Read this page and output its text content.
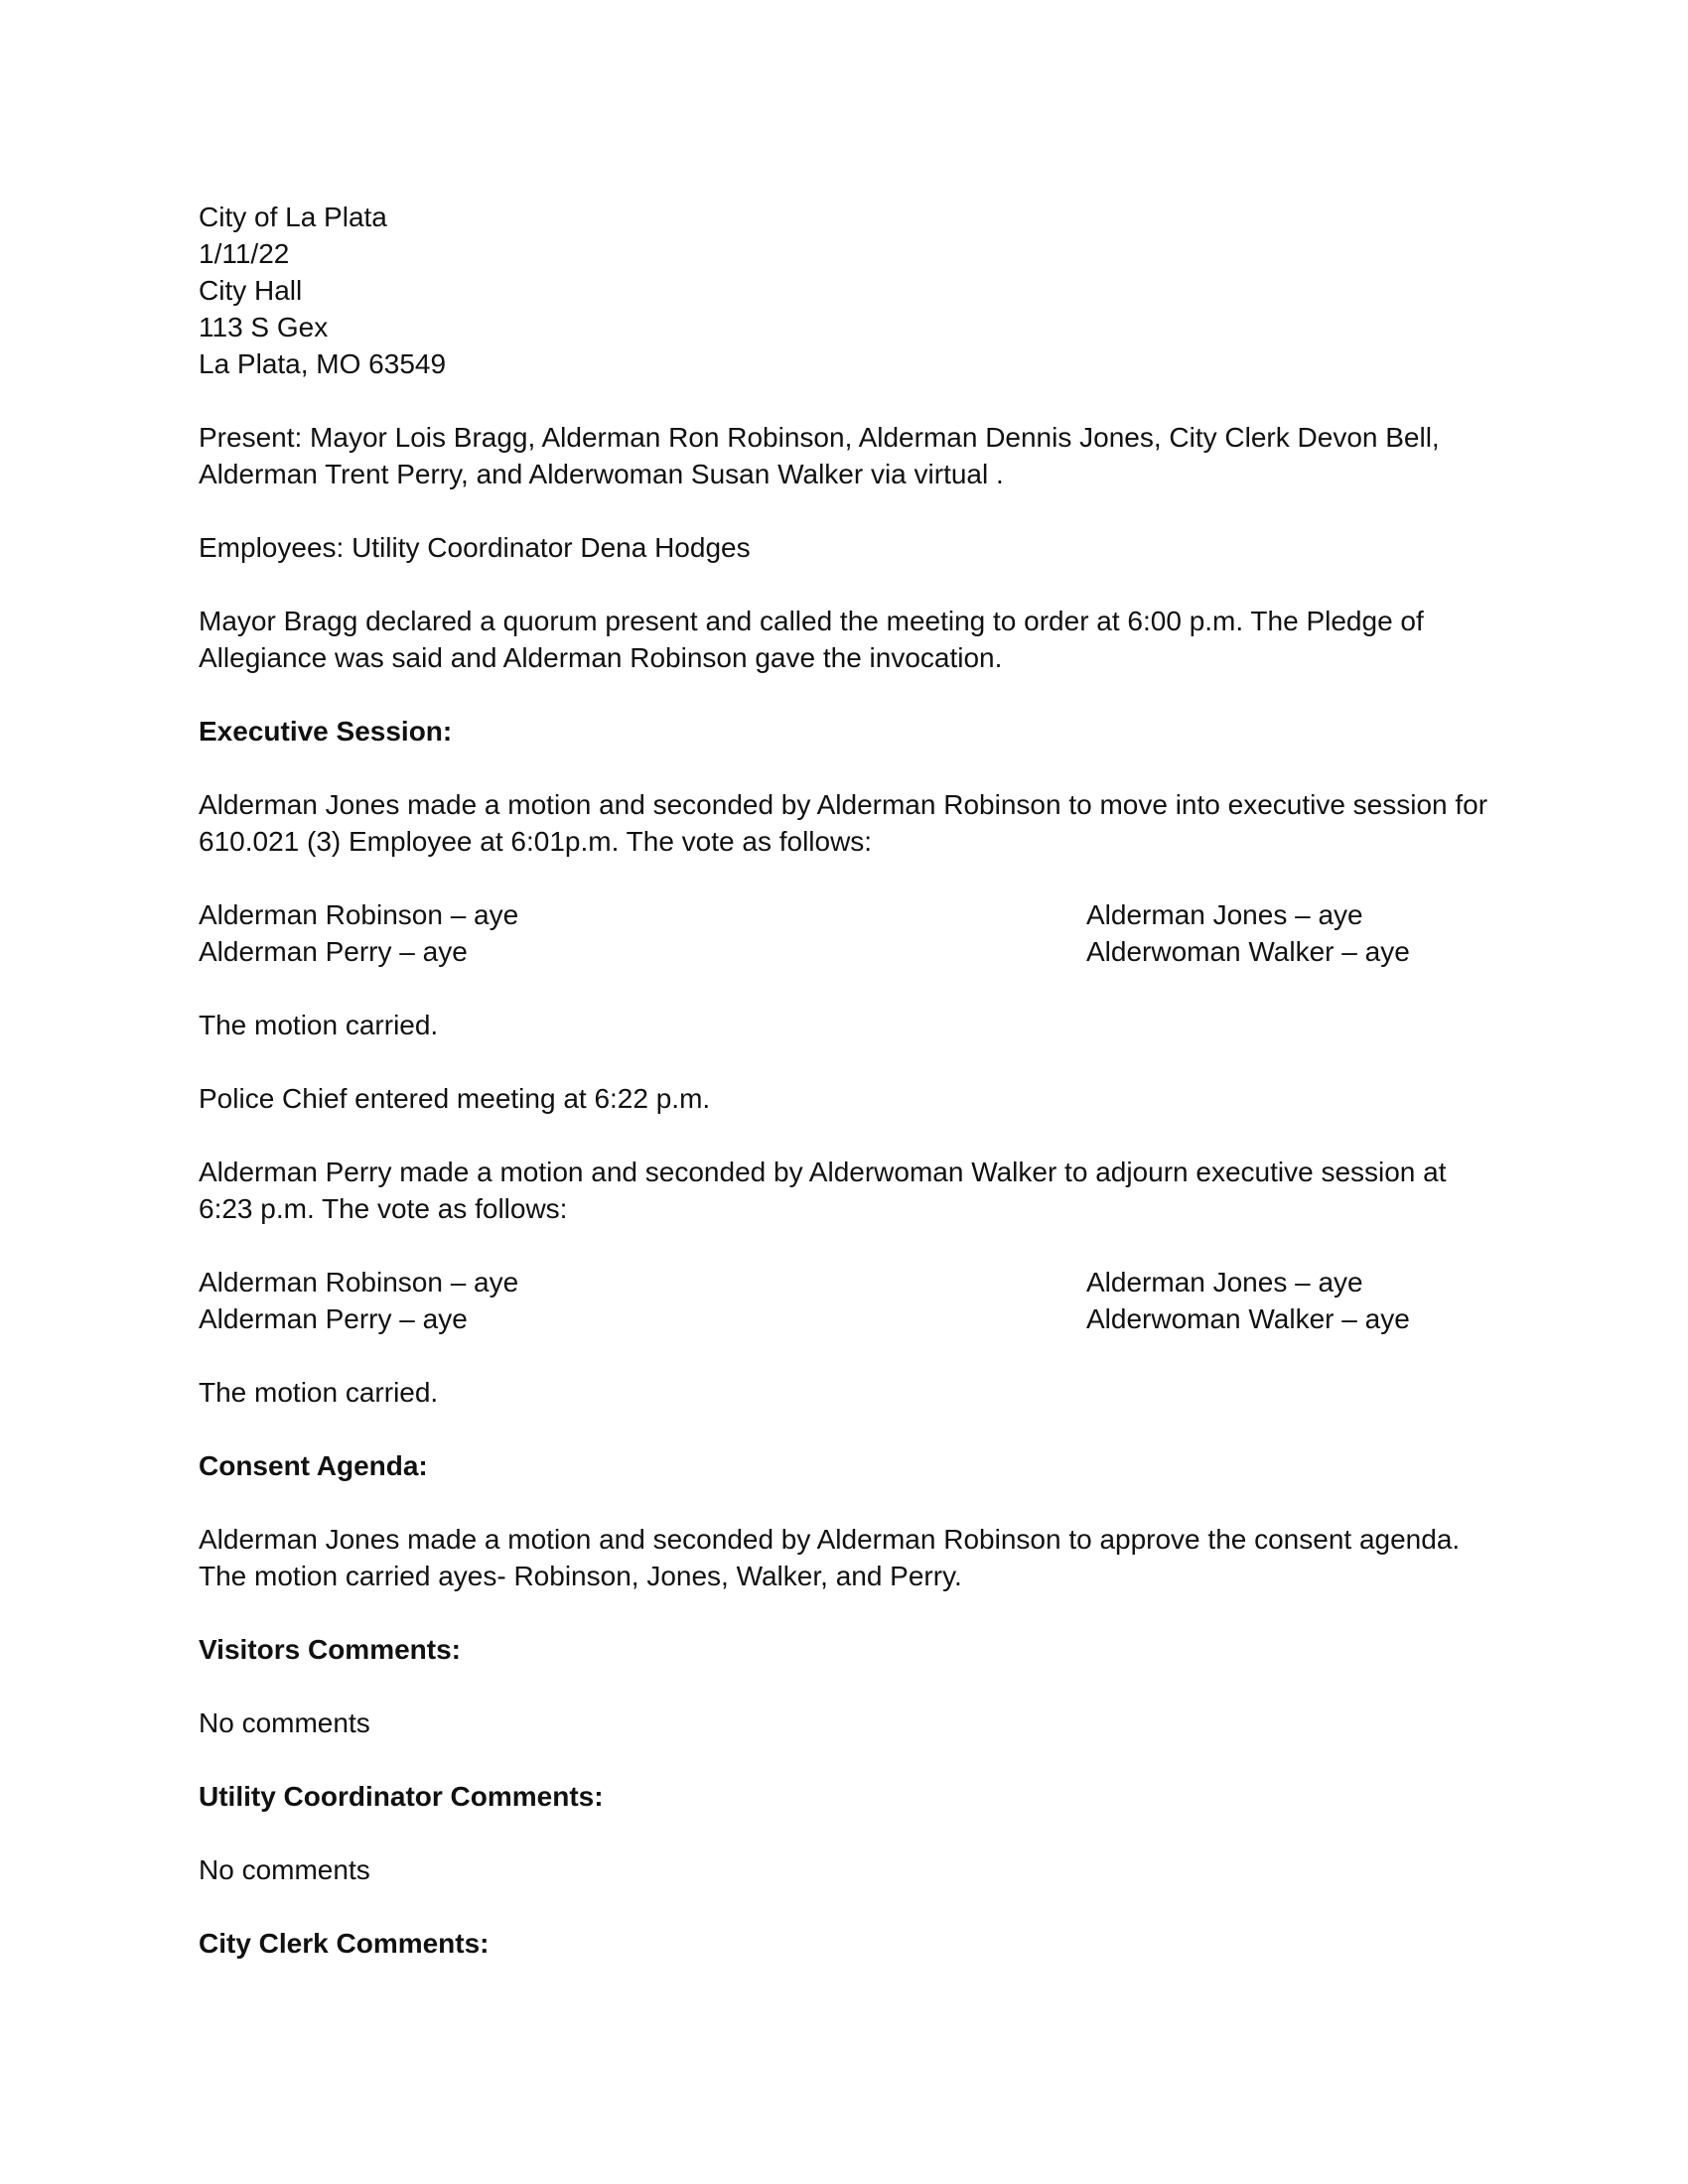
City of La Plata
1/11/22
City Hall
113 S Gex
La Plata, MO 63549
Present: Mayor Lois Bragg, Alderman Ron Robinson, Alderman Dennis Jones, City Clerk Devon Bell,
Alderman Trent Perry, and Alderwoman Susan Walker via virtual .
Employees: Utility Coordinator Dena Hodges
Mayor Bragg declared a quorum present and called the meeting to order at 6:00 p.m. The Pledge of
Allegiance was said and Alderman Robinson gave the invocation.
Executive Session:
Alderman Jones made a motion and seconded by Alderman Robinson to move into executive session for
610.021 (3) Employee at 6:01p.m. The vote as follows:
Alderman Robinson – aye	Alderman Jones – aye
Alderman Perry – aye	Alderwoman Walker – aye
The motion carried.
Police Chief entered meeting at 6:22 p.m.
Alderman Perry made a motion and seconded by Alderwoman Walker to adjourn executive session at
6:23 p.m. The vote as follows:
Alderman Robinson – aye	Alderman Jones – aye
Alderman Perry – aye	Alderwoman Walker – aye
The motion carried.
Consent Agenda:
Alderman Jones made a motion and seconded by Alderman Robinson to approve the consent agenda.
The motion carried ayes- Robinson, Jones, Walker, and Perry.
Visitors Comments:
No comments
Utility Coordinator Comments:
No comments
City Clerk Comments:
